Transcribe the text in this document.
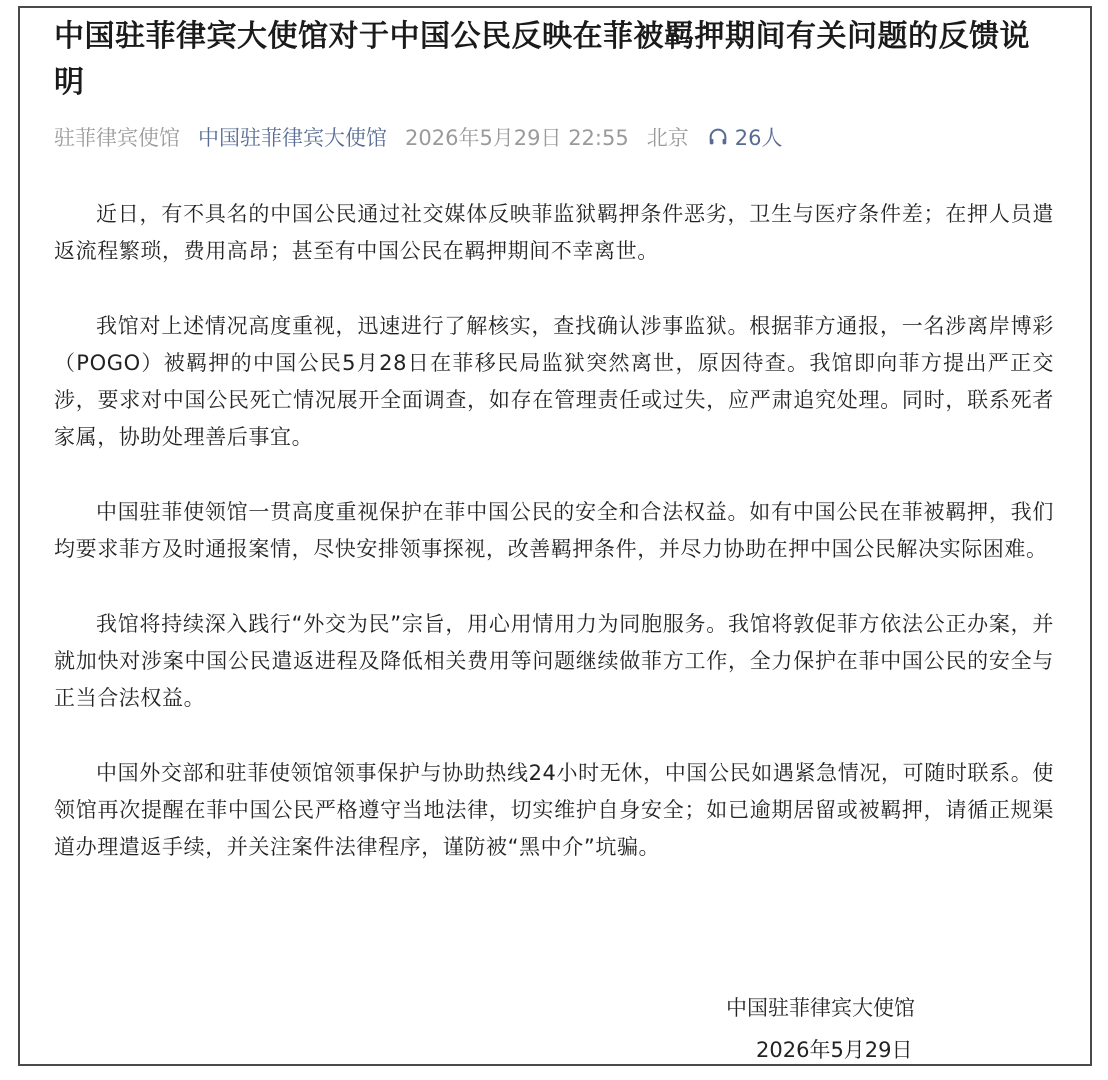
中国驻菲律宾大使馆对于中国公民反映在菲被羁押期间有关问题的反馈说明
驻菲律宾使馆 中国驻菲律宾大使馆 2026年5月29日 22:55 北京 26人

近日，有不具名的中国公民通过社交媒体反映菲监狱羁押条件恶劣，卫生与医疗条件差；在押人员遣返流程繁琐，费用高昂；甚至有中国公民在羁押期间不幸离世。

我馆对上述情况高度重视，迅速进行了解核实，查找确认涉事监狱。根据菲方通报，一名涉离岸博彩（POGO）被羁押的中国公民5月28日在菲移民局监狱突然离世，原因待查。我馆即向菲方提出严正交涉，要求对中国公民死亡情况展开全面调查，如存在管理责任或过失，应严肃追究处理。同时，联系死者家属，协助处理善后事宜。

中国驻菲使领馆一贯高度重视保护在菲中国公民的安全和合法权益。如有中国公民在菲被羁押，我们均要求菲方及时通报案情，尽快安排领事探视，改善羁押条件，并尽力协助在押中国公民解决实际困难。

我馆将持续深入践行“外交为民”宗旨，用心用情用力为同胞服务。我馆将敦促菲方依法公正办案，并就加快对涉案中国公民遣返进程及降低相关费用等问题继续做菲方工作，全力保护在菲中国公民的安全与正当合法权益。

中国外交部和驻菲使领馆领事保护与协助热线24小时无休，中国公民如遇紧急情况，可随时联系。使领馆再次提醒在菲中国公民严格遵守当地法律，切实维护自身安全；如已逾期居留或被羁押，请循正规渠道办理遣返手续，并关注案件法律程序，谨防被“黑中介”坑骗。

中国驻菲律宾大使馆
2026年5月29日
